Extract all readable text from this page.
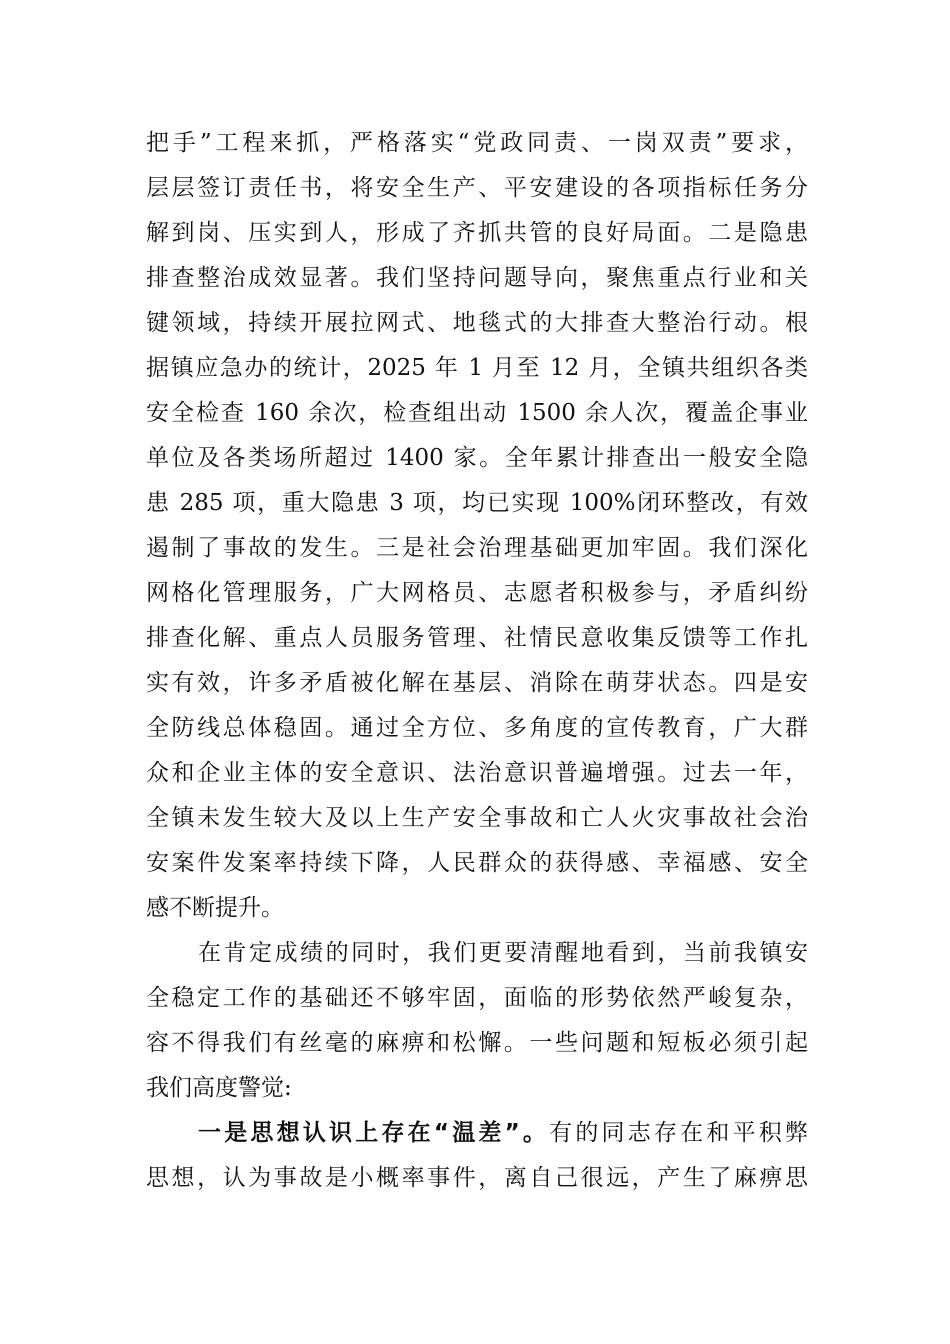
把手”工程来抓，严格落实“党政同责、一岗双责”要求，
层层签订责任书，将安全生产、平安建设的各项指标任务分
解到岗、压实到人，形成了齐抓共管的良好局面。二是隐患
排查整治成效显著。我们坚持问题导向，聚焦重点行业和关
键领域，持续开展拉网式、地毯式的大排查大整治行动。根
据镇应急办的统计，2025 年 1 月至 12 月，全镇共组织各类
安全检查 160 余次，检查组出动 1500 余人次，覆盖企事业
单位及各类场所超过 1400 家。全年累计排查出一般安全隐
患 285 项，重大隐患 3 项，均已实现 100%闭环整改，有效
遏制了事故的发生。三是社会治理基础更加牢固。我们深化
网格化管理服务，广大网格员、志愿者积极参与，矛盾纠纷
排查化解、重点人员服务管理、社情民意收集反馈等工作扎
实有效，许多矛盾被化解在基层、消除在萌芽状态。四是安
全防线总体稳固。通过全方位、多角度的宣传教育，广大群
众和企业主体的安全意识、法治意识普遍增强。过去一年，
全镇未发生较大及以上生产安全事故和亡人火灾事故社会治
安案件发案率持续下降，人民群众的获得感、幸福感、安全
感不断提升。
在肯定成绩的同时，我们更要清醒地看到，当前我镇安
全稳定工作的基础还不够牢固，面临的形势依然严峻复杂，
容不得我们有丝毫的麻痹和松懈。一些问题和短板必须引起
我们高度警觉:
一是思想认识上存在“温差”。有的同志存在和平积弊
思想，认为事故是小概率事件，离自己很远，产生了麻痹思
